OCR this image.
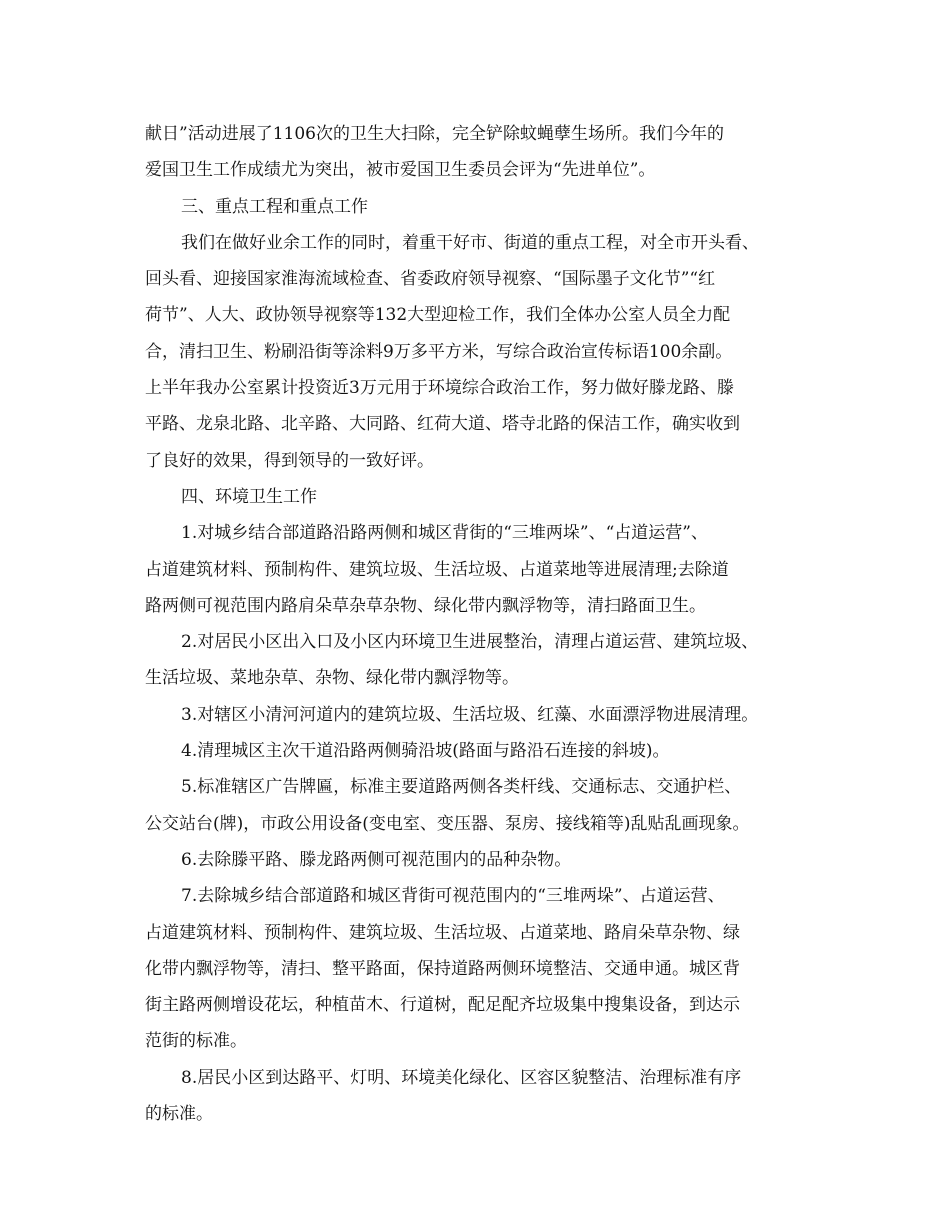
献日”活动进展了1106次的卫生大扫除，完全铲除蚊蝇孽生场所。我们今年的
爱国卫生工作成绩尤为突出，被市爱国卫生委员会评为“先进单位”。
三、重点工程和重点工作
我们在做好业余工作的同时，着重干好市、街道的重点工程，对全市开头看、
回头看、迎接国家淮海流域检查、省委政府领导视察、“国际墨子文化节”“红
荷节”、人大、政协领导视察等132大型迎检工作，我们全体办公室人员全力配
合，清扫卫生、粉刷沿街等涂料9万多平方米，写综合政治宣传标语100余副。
上半年我办公室累计投资近3万元用于环境综合政治工作，努力做好滕龙路、滕
平路、龙泉北路、北辛路、大同路、红荷大道、塔寺北路的保洁工作，确实收到
了良好的效果，得到领导的一致好评。
四、环境卫生工作
1.对城乡结合部道路沿路两侧和城区背街的“三堆两垛”、“占道运营”、
占道建筑材料、预制构件、建筑垃圾、生活垃圾、占道菜地等进展清理;去除道
路两侧可视范围内路肩朵草杂草杂物、绿化带内飘浮物等，清扫路面卫生。
2.对居民小区出入口及小区内环境卫生进展整治，清理占道运营、建筑垃圾、
生活垃圾、菜地杂草、杂物、绿化带内飘浮物等。
3.对辖区小清河河道内的建筑垃圾、生活垃圾、红藻、水面漂浮物进展清理。
4.清理城区主次干道沿路两侧骑沿坡(路面与路沿石连接的斜坡)。
5.标准辖区广告牌匾，标准主要道路两侧各类杆线、交通标志、交通护栏、
公交站台(牌)，市政公用设备(变电室、变压器、泵房、接线箱等)乱贴乱画现象。
6.去除滕平路、滕龙路两侧可视范围内的品种杂物。
7.去除城乡结合部道路和城区背街可视范围内的“三堆两垛”、占道运营、
占道建筑材料、预制构件、建筑垃圾、生活垃圾、占道菜地、路肩朵草杂物、绿
化带内飘浮物等，清扫、整平路面，保持道路两侧环境整洁、交通申通。城区背
街主路两侧增设花坛，种植苗木、行道树，配足配齐垃圾集中搜集设备，到达示
范街的标准。
8.居民小区到达路平、灯明、环境美化绿化、区容区貌整洁、治理标准有序
的标准。
